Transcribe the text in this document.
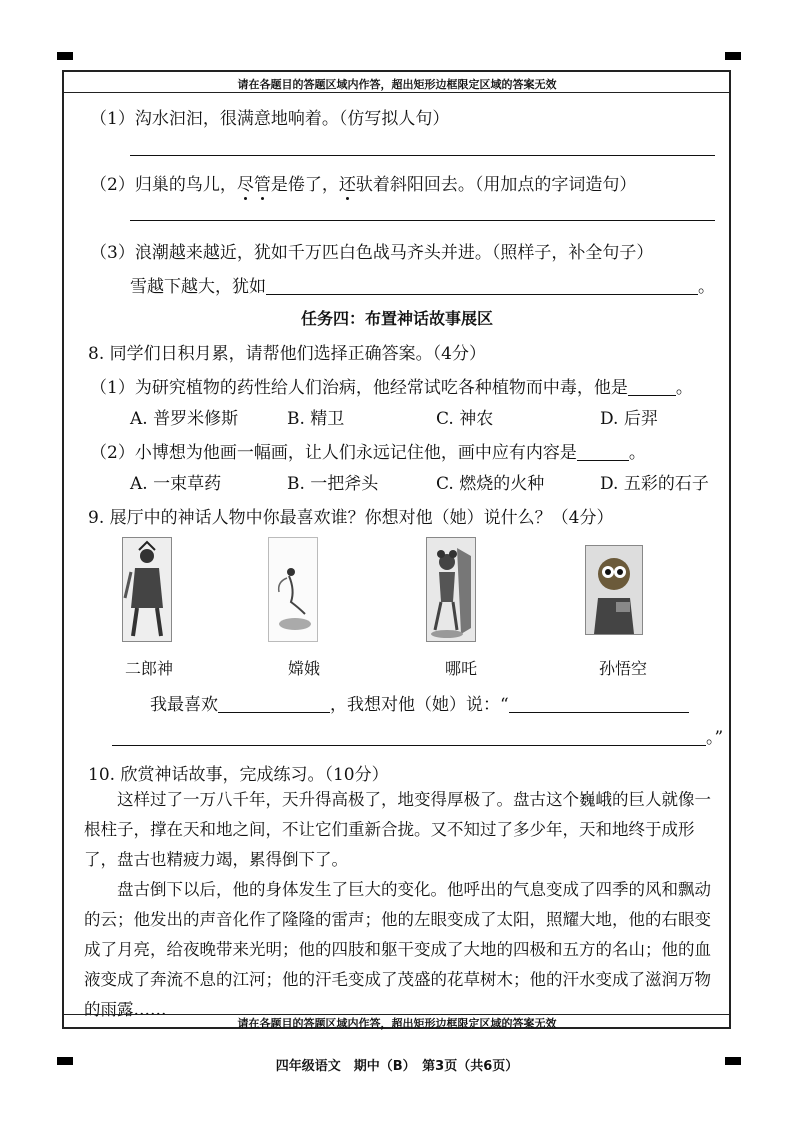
请在各题目的答题区域内作答，超出矩形边框限定区域的答案无效
（1）沟水汩汩，很满意地响着。（仿写拟人句）
（2）归巢的鸟儿，尽管是倦了，还驮着斜阳回去。（用加点的字词造句）
（3）浪潮越来越近，犹如千万匹白色战马齐头并进。（照样子，补全句子）
雪越下越大，犹如	。
任务四：布置神话故事展区
8. 同学们日积月累，请帮他们选择正确答案。（4分）
（1）为研究植物的药性给人们治病，他经常试吃各种植物而中毒，他是	。
A. 普罗米修斯	B. 精卫	C. 神农	D. 后羿
（2）小博想为他画一幅画，让人们永远记住他，画中应有内容是	。
A. 一束草药	B. 一把斧头	C. 燃烧的火种	D. 五彩的石子
9. 展厅中的神话人物中你最喜欢谁？你想对他（她）说什么？（4分）
二郎神	嫦娥	哪吒	孙悟空
我最喜欢	，我想对他（她）说：“
。”
10. 欣赏神话故事，完成练习。（10分）
这样过了一万八千年，天升得高极了，地变得厚极了。盘古这个巍峨的巨人就像一根柱子，撑在天和地之间，不让它们重新合拢。又不知过了多少年，天和地终于成形了，盘古也精疲力竭，累得倒下了。
盘古倒下以后，他的身体发生了巨大的变化。他呼出的气息变成了四季的风和飘动的云；他发出的声音化作了隆隆的雷声；他的左眼变成了太阳，照耀大地，他的右眼变成了月亮，给夜晚带来光明；他的四肢和躯干变成了大地的四极和五方的名山；他的血液变成了奔流不息的江河；他的汗毛变成了茂盛的花草树木；他的汗水变成了滋润万物的雨露……
请在各题目的答题区域内作答，超出矩形边框限定区域的答案无效
四年级语文　期中（B）　第3页（共6页）
